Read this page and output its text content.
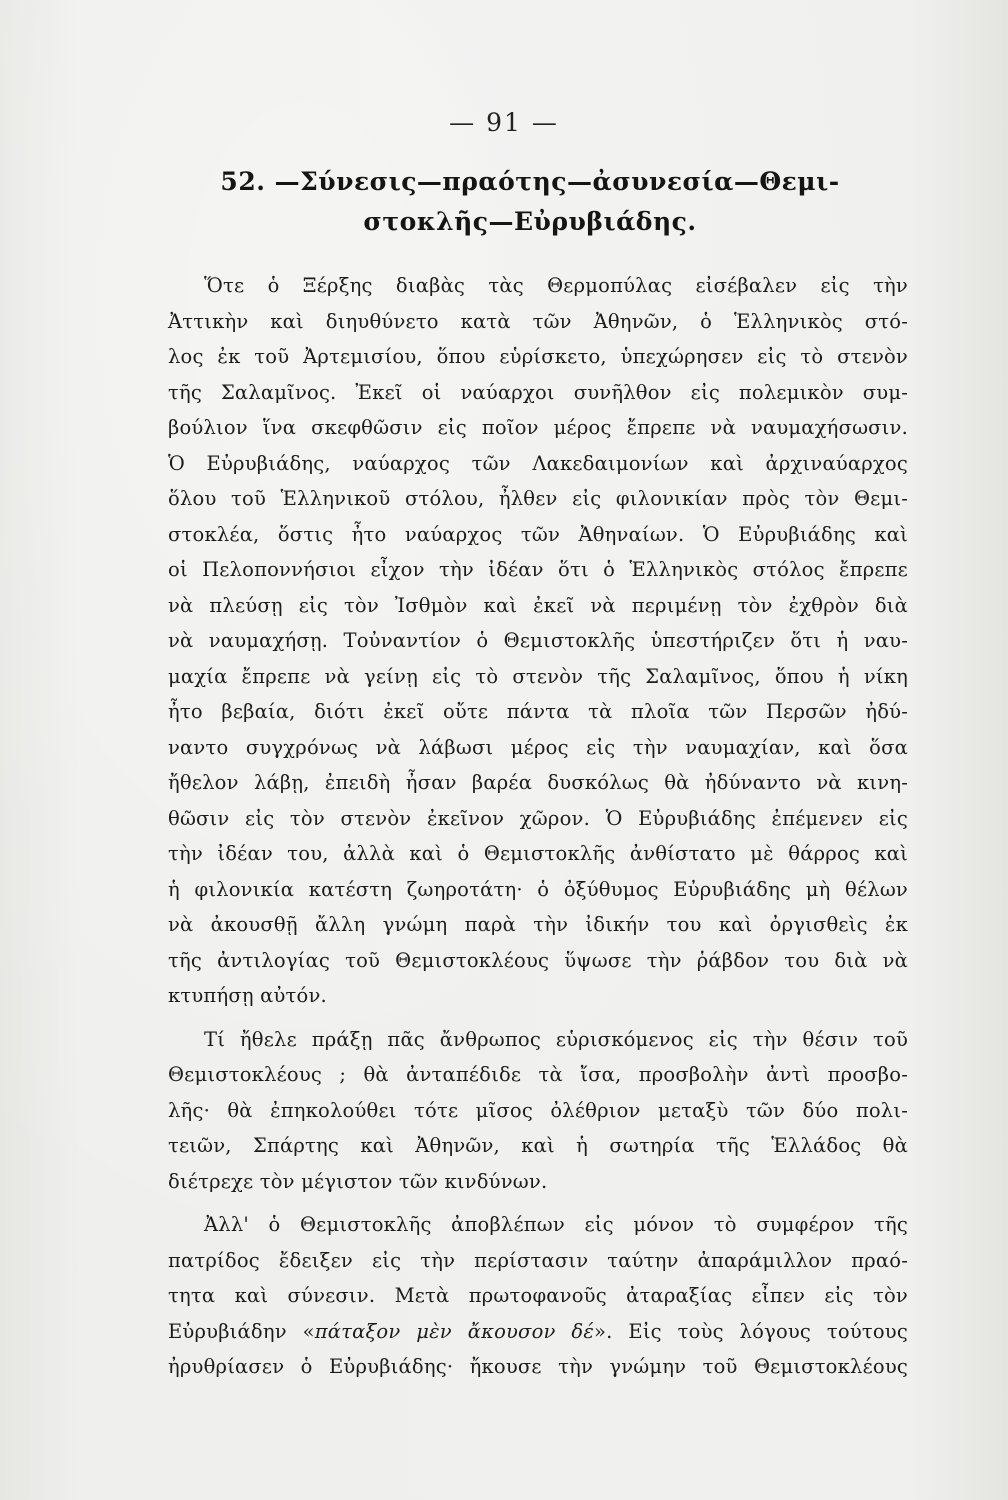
— 91 —
52. —Σύνεσις—πραότης—ἀσυνεσία—Θεμι-
στοκλῆς—Εὐρυβιάδης.
Ὅτε ὁ Ξέρξης διαβὰς τὰς Θερμοπύλας εἰσέβαλεν εἰς τὴν
Ἀττικὴν καὶ διηυθύνετο κατὰ τῶν Ἀθηνῶν, ὁ Ἑλληνικὸς στό-
λος ἐκ τοῦ Ἀρτεμισίου, ὅπου εὑρίσκετο, ὑπεχώρησεν εἰς τὸ στενὸν
τῆς Σαλαμῖνος. Ἐκεῖ οἱ ναύαρχοι συνῆλθον εἰς πολεμικὸν συμ-
βούλιον ἵνα σκεφθῶσιν εἰς ποῖον μέρος ἔπρεπε νὰ ναυμαχήσωσιν.
Ὁ Εὐρυβιάδης, ναύαρχος τῶν Λακεδαιμονίων καὶ ἀρχιναύαρχος
ὅλου τοῦ Ἑλληνικοῦ στόλου, ἦλθεν εἰς φιλονικίαν πρὸς τὸν Θεμι-
στοκλέα, ὅστις ἦτο ναύαρχος τῶν Ἀθηναίων. Ὁ Εὐρυβιάδης καὶ
οἱ Πελοποννήσιοι εἶχον τὴν ἰδέαν ὅτι ὁ Ἑλληνικὸς στόλος ἔπρεπε
νὰ πλεύσῃ εἰς τὸν Ἰσθμὸν καὶ ἐκεῖ νὰ περιμένῃ τὸν ἐχθρὸν διὰ
νὰ ναυμαχήσῃ. Τοὐναντίον ὁ Θεμιστοκλῆς ὑπεστήριζεν ὅτι ἡ ναυ-
μαχία ἔπρεπε νὰ γείνῃ εἰς τὸ στενὸν τῆς Σαλαμῖνος, ὅπου ἡ νίκη
ἦτο βεβαία, διότι ἐκεῖ οὔτε πάντα τὰ πλοῖα τῶν Περσῶν ἠδύ-
ναντο συγχρόνως νὰ λάβωσι μέρος εἰς τὴν ναυμαχίαν, καὶ ὅσα
ἤθελον λάβῃ, ἐπειδὴ ἦσαν βαρέα δυσκόλως θὰ ἠδύναντο νὰ κινη-
θῶσιν εἰς τὸν στενὸν ἐκεῖνον χῶρον. Ὁ Εὐρυβιάδης ἐπέμενεν εἰς
τὴν ἰδέαν του, ἀλλὰ καὶ ὁ Θεμιστοκλῆς ἀνθίστατο μὲ θάρρος καὶ
ἡ φιλονικία κατέστη ζωηροτάτη· ὁ ὀξύθυμος Εὐρυβιάδης μὴ θέλων
νὰ ἀκουσθῇ ἄλλη γνώμη παρὰ τὴν ἰδικήν του καὶ ὀργισθεὶς ἐκ
τῆς ἀντιλογίας τοῦ Θεμιστοκλέους ὕψωσε τὴν ῥάβδον του διὰ νὰ
κτυπήσῃ αὐτόν.
Τί ἤθελε πράξῃ πᾶς ἄνθρωπος εὑρισκόμενος εἰς τὴν θέσιν τοῦ
Θεμιστοκλέους ; θὰ ἀνταπέδιδε τὰ ἴσα, προσβολὴν ἀντὶ προσβο-
λῆς· θὰ ἐπηκολούθει τότε μῖσος ὀλέθριον μεταξὺ τῶν δύο πολι-
τειῶν, Σπάρτης καὶ Ἀθηνῶν, καὶ ἡ σωτηρία τῆς Ἑλλάδος θὰ
διέτρεχε τὸν μέγιστον τῶν κινδύνων.
Ἀλλ' ὁ Θεμιστοκλῆς ἀποβλέπων εἰς μόνον τὸ συμφέρον τῆς
πατρίδος ἔδειξεν εἰς τὴν περίστασιν ταύτην ἀπαράμιλλον πραό-
τητα καὶ σύνεσιν. Μετὰ πρωτοφανοῦς ἀταραξίας εἶπεν εἰς τὸν
Εὐρυβιάδην «πάταξον μὲν ἄκουσον δέ». Εἰς τοὺς λόγους τούτους
ἠρυθρίασεν ὁ Εὐρυβιάδης· ἤκουσε τὴν γνώμην τοῦ Θεμιστοκλέους
